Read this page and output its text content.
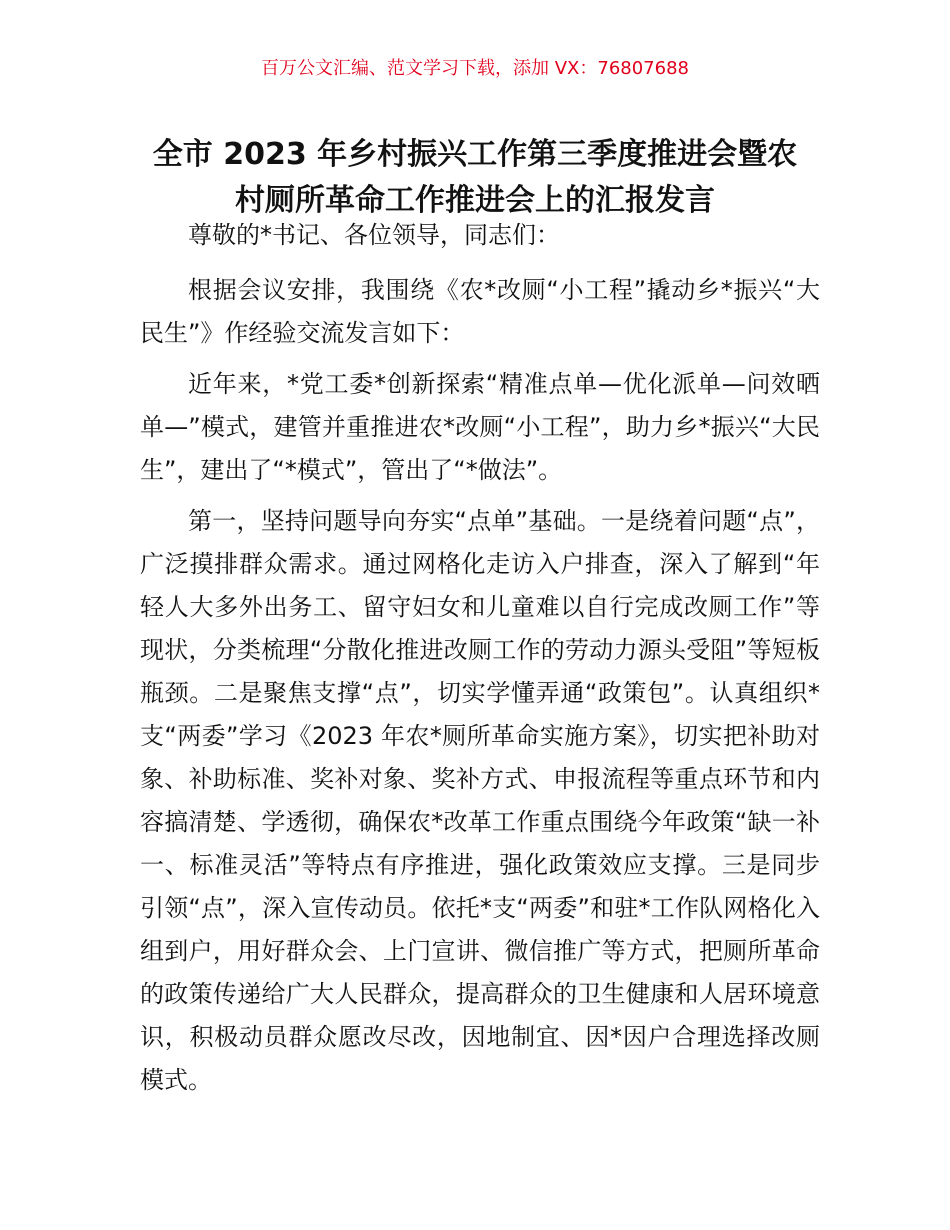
百万公文汇编、范文学习下载，添加 VX：76807688
全市 2023 年乡村振兴工作第三季度推进会暨农
村厕所革命工作推进会上的汇报发言

尊敬的*书记、各位领导，同志们：

根据会议安排，我围绕《农*改厕“小工程”撬动乡*振兴“大民生”》作经验交流发言如下：

近年来，*党工委*创新探索“精准点单—优化派单—问效晒单—”模式，建管并重推进农*改厕“小工程”，助力乡*振兴“大民生”，建出了“*模式”，管出了“*做法”。

第一，坚持问题导向夯实“点单”基础。一是绕着问题“点”，广泛摸排群众需求。通过网格化走访入户排查，深入了解到“年轻人大多外出务工、留守妇女和儿童难以自行完成改厕工作”等现状，分类梳理“分散化推进改厕工作的劳动力源头受阻”等短板瓶颈。二是聚焦支撑“点”，切实学懂弄通“政策包”。认真组织*支“两委”学习《2023 年农*厕所革命实施方案》，切实把补助对象、补助标准、奖补对象、奖补方式、申报流程等重点环节和内容搞清楚、学透彻，确保农*改革工作重点围绕今年政策“缺一补一、标准灵活”等特点有序推进，强化政策效应支撑。三是同步引领“点”，深入宣传动员。依托*支“两委”和驻*工作队网格化入组到户，用好群众会、上门宣讲、微信推广等方式，把厕所革命的政策传递给广大人民群众，提高群众的卫生健康和人居环境意识，积极动员群众愿改尽改，因地制宜、因*因户合理选择改厕模式。
